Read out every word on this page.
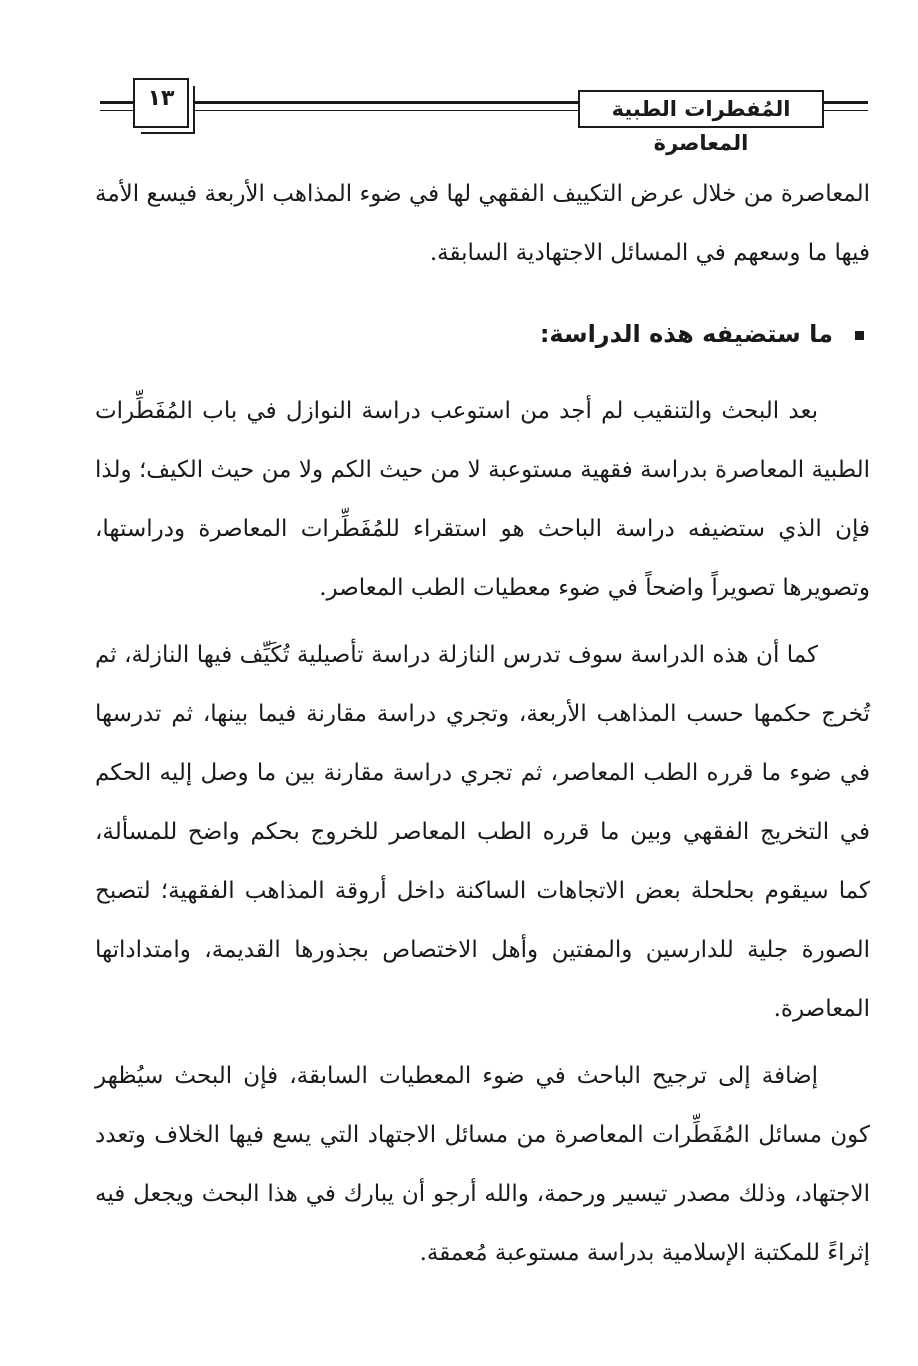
١٣	المُفطرات الطبية المعاصرة

المعاصرة من خلال عرض التكييف الفقهي لها في ضوء المذاهب الأربعة فيسع الأمة فيها ما وسعهم في المسائل الاجتهادية السابقة.

ما ستضيفه هذه الدراسة:

بعد البحث والتنقيب لم أجد من استوعب دراسة النوازل في باب المُفَطِّرات الطبية المعاصرة بدراسة فقهية مستوعبة لا من حيث الكم ولا من حيث الكيف؛ ولذا فإن الذي ستضيفه دراسة الباحث هو استقراء للمُفَطِّرات المعاصرة ودراستها، وتصويرها تصويراً واضحاً في ضوء معطيات الطب المعاصر.

كما أن هذه الدراسة سوف تدرس النازلة دراسة تأصيلية تُكَيِّف فيها النازلة، ثم تُخرج حكمها حسب المذاهب الأربعة، وتجري دراسة مقارنة فيما بينها، ثم تدرسها في ضوء ما قرره الطب المعاصر، ثم تجري دراسة مقارنة بين ما وصل إليه الحكم في التخريج الفقهي وبين ما قرره الطب المعاصر للخروج بحكم واضح للمسألة، كما سيقوم بحلحلة بعض الاتجاهات الساكنة داخل أروقة المذاهب الفقهية؛ لتصبح الصورة جلية للدارسين والمفتين وأهل الاختصاص بجذورها القديمة، وامتداداتها المعاصرة.

إضافة إلى ترجيح الباحث في ضوء المعطيات السابقة، فإن البحث سيُظهر كون مسائل المُفَطِّرات المعاصرة من مسائل الاجتهاد التي يسع فيها الخلاف وتعدد الاجتهاد، وذلك مصدر تيسير ورحمة، والله أرجو أن يبارك في هذا البحث ويجعل فيه إثراءً للمكتبة الإسلامية بدراسة مستوعبة مُعمقة.
